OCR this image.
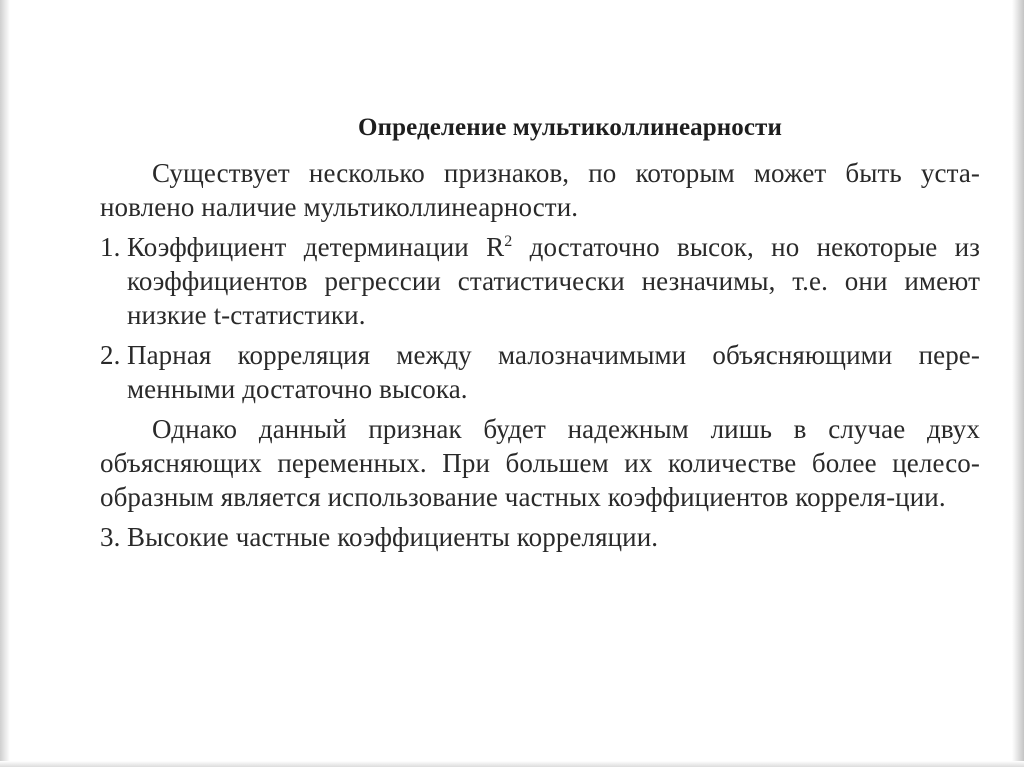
Определение мультиколлинеарности

Существует несколько признаков, по которым может быть уста-новлено наличие мультиколлинеарности.

1. Коэффициент детерминации $R^2$ достаточно высок, но некоторые из коэффициентов регрессии статистически незначимы, т.е. они имеют низкие t-статистики.
2. Парная корреляция между малозначимыми объясняющими пере-менными достаточно высока.

Однако данный признак будет надежным лишь в случае двух объясняющих переменных. При большем их количестве более целесо-образным является использование частных коэффициентов корреля-ции.

3. Высокие частные коэффициенты корреляции.
